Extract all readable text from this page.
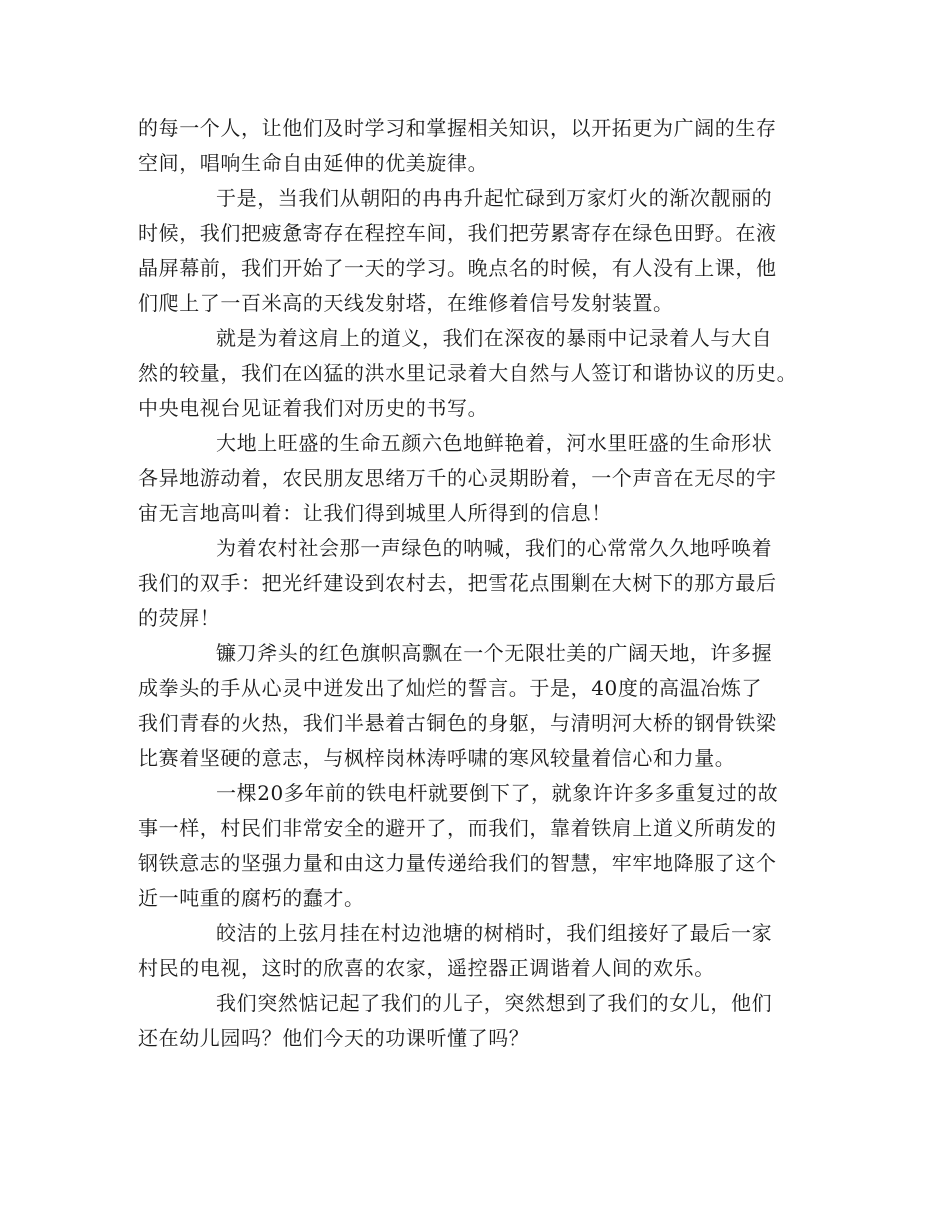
的每一个人，让他们及时学习和掌握相关知识，以开拓更为广阔的生存
空间，唱响生命自由延伸的优美旋律。
于是，当我们从朝阳的冉冉升起忙碌到万家灯火的渐次靓丽的
时候，我们把疲惫寄存在程控车间，我们把劳累寄存在绿色田野。在液
晶屏幕前，我们开始了一天的学习。晚点名的时候，有人没有上课，他
们爬上了一百米高的天线发射塔，在维修着信号发射装置。
就是为着这肩上的道义，我们在深夜的暴雨中记录着人与大自
然的较量，我们在凶猛的洪水里记录着大自然与人签订和谐协议的历史。
中央电视台见证着我们对历史的书写。
大地上旺盛的生命五颜六色地鲜艳着，河水里旺盛的生命形状
各异地游动着，农民朋友思绪万千的心灵期盼着，一个声音在无尽的宇
宙无言地高叫着：让我们得到城里人所得到的信息！
为着农村社会那一声绿色的呐喊，我们的心常常久久地呼唤着
我们的双手：把光纤建设到农村去，把雪花点围剿在大树下的那方最后
的荧屏！
镰刀斧头的红色旗帜高飘在一个无限壮美的广阔天地，许多握
成拳头的手从心灵中迸发出了灿烂的誓言。于是，40度的高温冶炼了
我们青春的火热，我们半悬着古铜色的身躯，与清明河大桥的钢骨铁梁
比赛着坚硬的意志，与枫梓岗林涛呼啸的寒风较量着信心和力量。
一棵20多年前的铁电杆就要倒下了，就象许许多多重复过的故
事一样，村民们非常安全的避开了，而我们，靠着铁肩上道义所萌发的
钢铁意志的坚强力量和由这力量传递给我们的智慧，牢牢地降服了这个
近一吨重的腐朽的蠢才。
皎洁的上弦月挂在村边池塘的树梢时，我们组接好了最后一家
村民的电视，这时的欣喜的农家，遥控器正调谐着人间的欢乐。
我们突然惦记起了我们的儿子，突然想到了我们的女儿，他们
还在幼儿园吗？他们今天的功课听懂了吗？
